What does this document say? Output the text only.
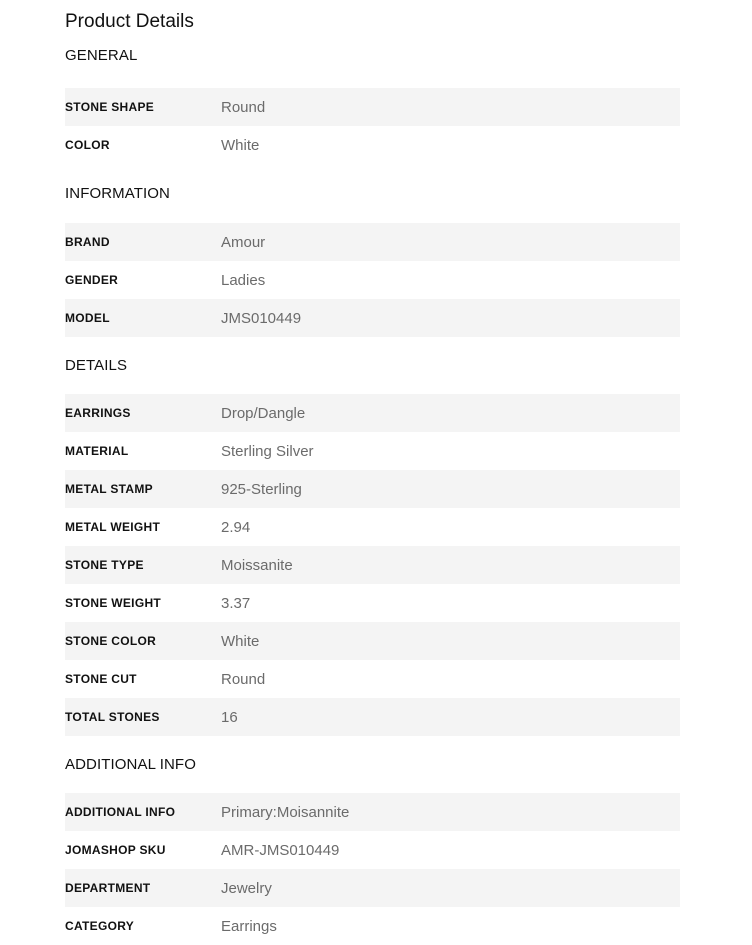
Product Details
GENERAL
STONE SHAPE	Round
COLOR	White
INFORMATION
BRAND	Amour
GENDER	Ladies
MODEL	JMS010449
DETAILS
EARRINGS	Drop/Dangle
MATERIAL	Sterling Silver
METAL STAMP	925-Sterling
METAL WEIGHT	2.94
STONE TYPE	Moissanite
STONE WEIGHT	3.37
STONE COLOR	White
STONE CUT	Round
TOTAL STONES	16
ADDITIONAL INFO
ADDITIONAL INFO	Primary:Moisannite
JOMASHOP SKU	AMR-JMS010449
DEPARTMENT	Jewelry
CATEGORY	Earrings
